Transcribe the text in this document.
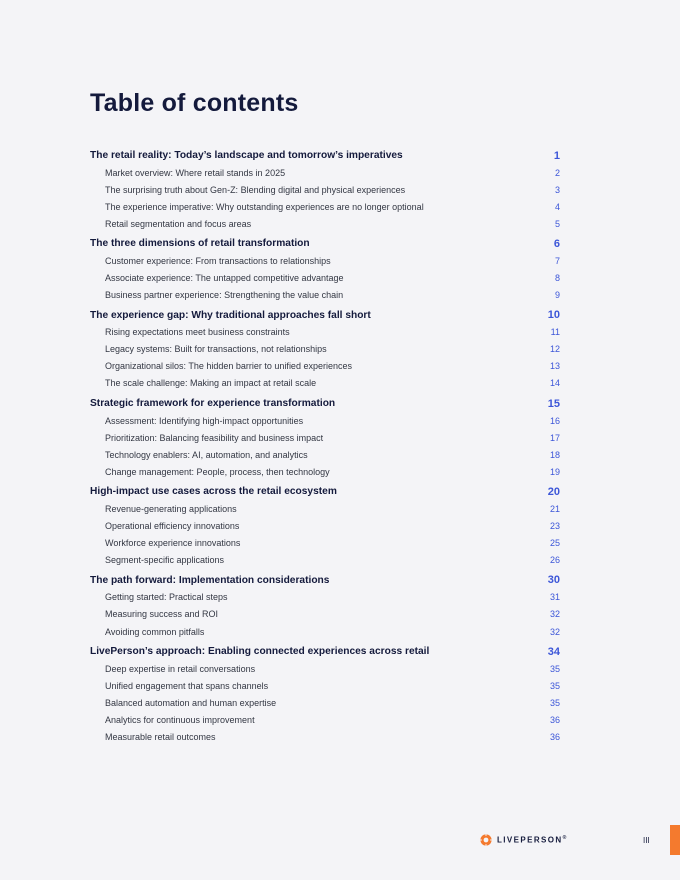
Table of contents
The retail reality: Today’s landscape and tomorrow’s imperatives	1
Market overview: Where retail stands in 2025	2
The surprising truth about Gen-Z: Blending digital and physical experiences	3
The experience imperative: Why outstanding experiences are no longer optional	4
Retail segmentation and focus areas	5
The three dimensions of retail transformation	6
Customer experience: From transactions to relationships	7
Associate experience: The untapped competitive advantage	8
Business partner experience: Strengthening the value chain	9
The experience gap: Why traditional approaches fall short	10
Rising expectations meet business constraints	11
Legacy systems: Built for transactions, not relationships	12
Organizational silos: The hidden barrier to unified experiences	13
The scale challenge: Making an impact at retail scale	14
Strategic framework for experience transformation	15
Assessment: Identifying high-impact opportunities	16
Prioritization: Balancing feasibility and business impact	17
Technology enablers: AI, automation, and analytics	18
Change management: People, process, then technology	19
High-impact use cases across the retail ecosystem	20
Revenue-generating applications	21
Operational efficiency innovations	23
Workforce experience innovations	25
Segment-specific applications	26
The path forward: Implementation considerations	30
Getting started: Practical steps	31
Measuring success and ROI	32
Avoiding common pitfalls	32
LivePerson’s approach: Enabling connected experiences across retail	34
Deep expertise in retail conversations	35
Unified engagement that spans channels	35
Balanced automation and human expertise	35
Analytics for continuous improvement	36
Measurable retail outcomes	36
LIVEPERSON®	III
